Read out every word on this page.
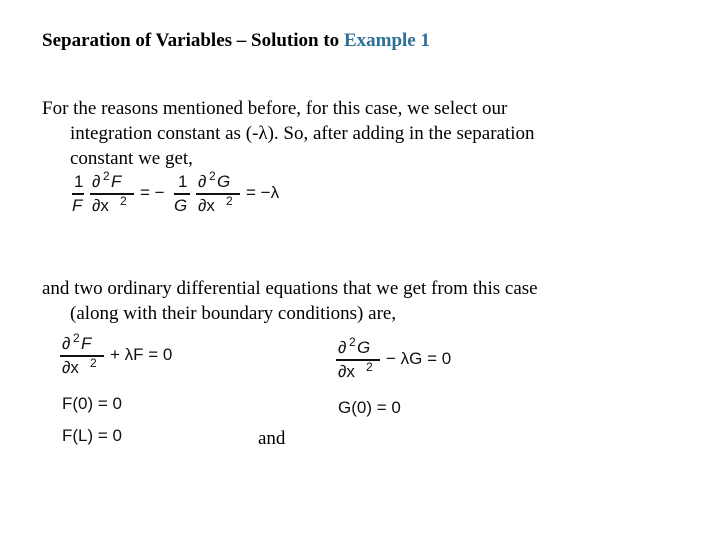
Separation of Variables – Solution to Example 1
For the reasons mentioned before, for this case, we select our
integration constant as (-λ). So, after adding in the separation
constant we get,
1
F
∂ 2 F
∂x 2 = −
1
G
∂ 2 G
∂x 2 = −λ
and two ordinary differential equations that we get from this case
(along with their boundary conditions) are,
∂ 2 F
∂x 2 + λF = 0
F(0) = 0
F(L) = 0
∂ 2 G
∂x 2 − λG = 0
G(0) = 0
and
